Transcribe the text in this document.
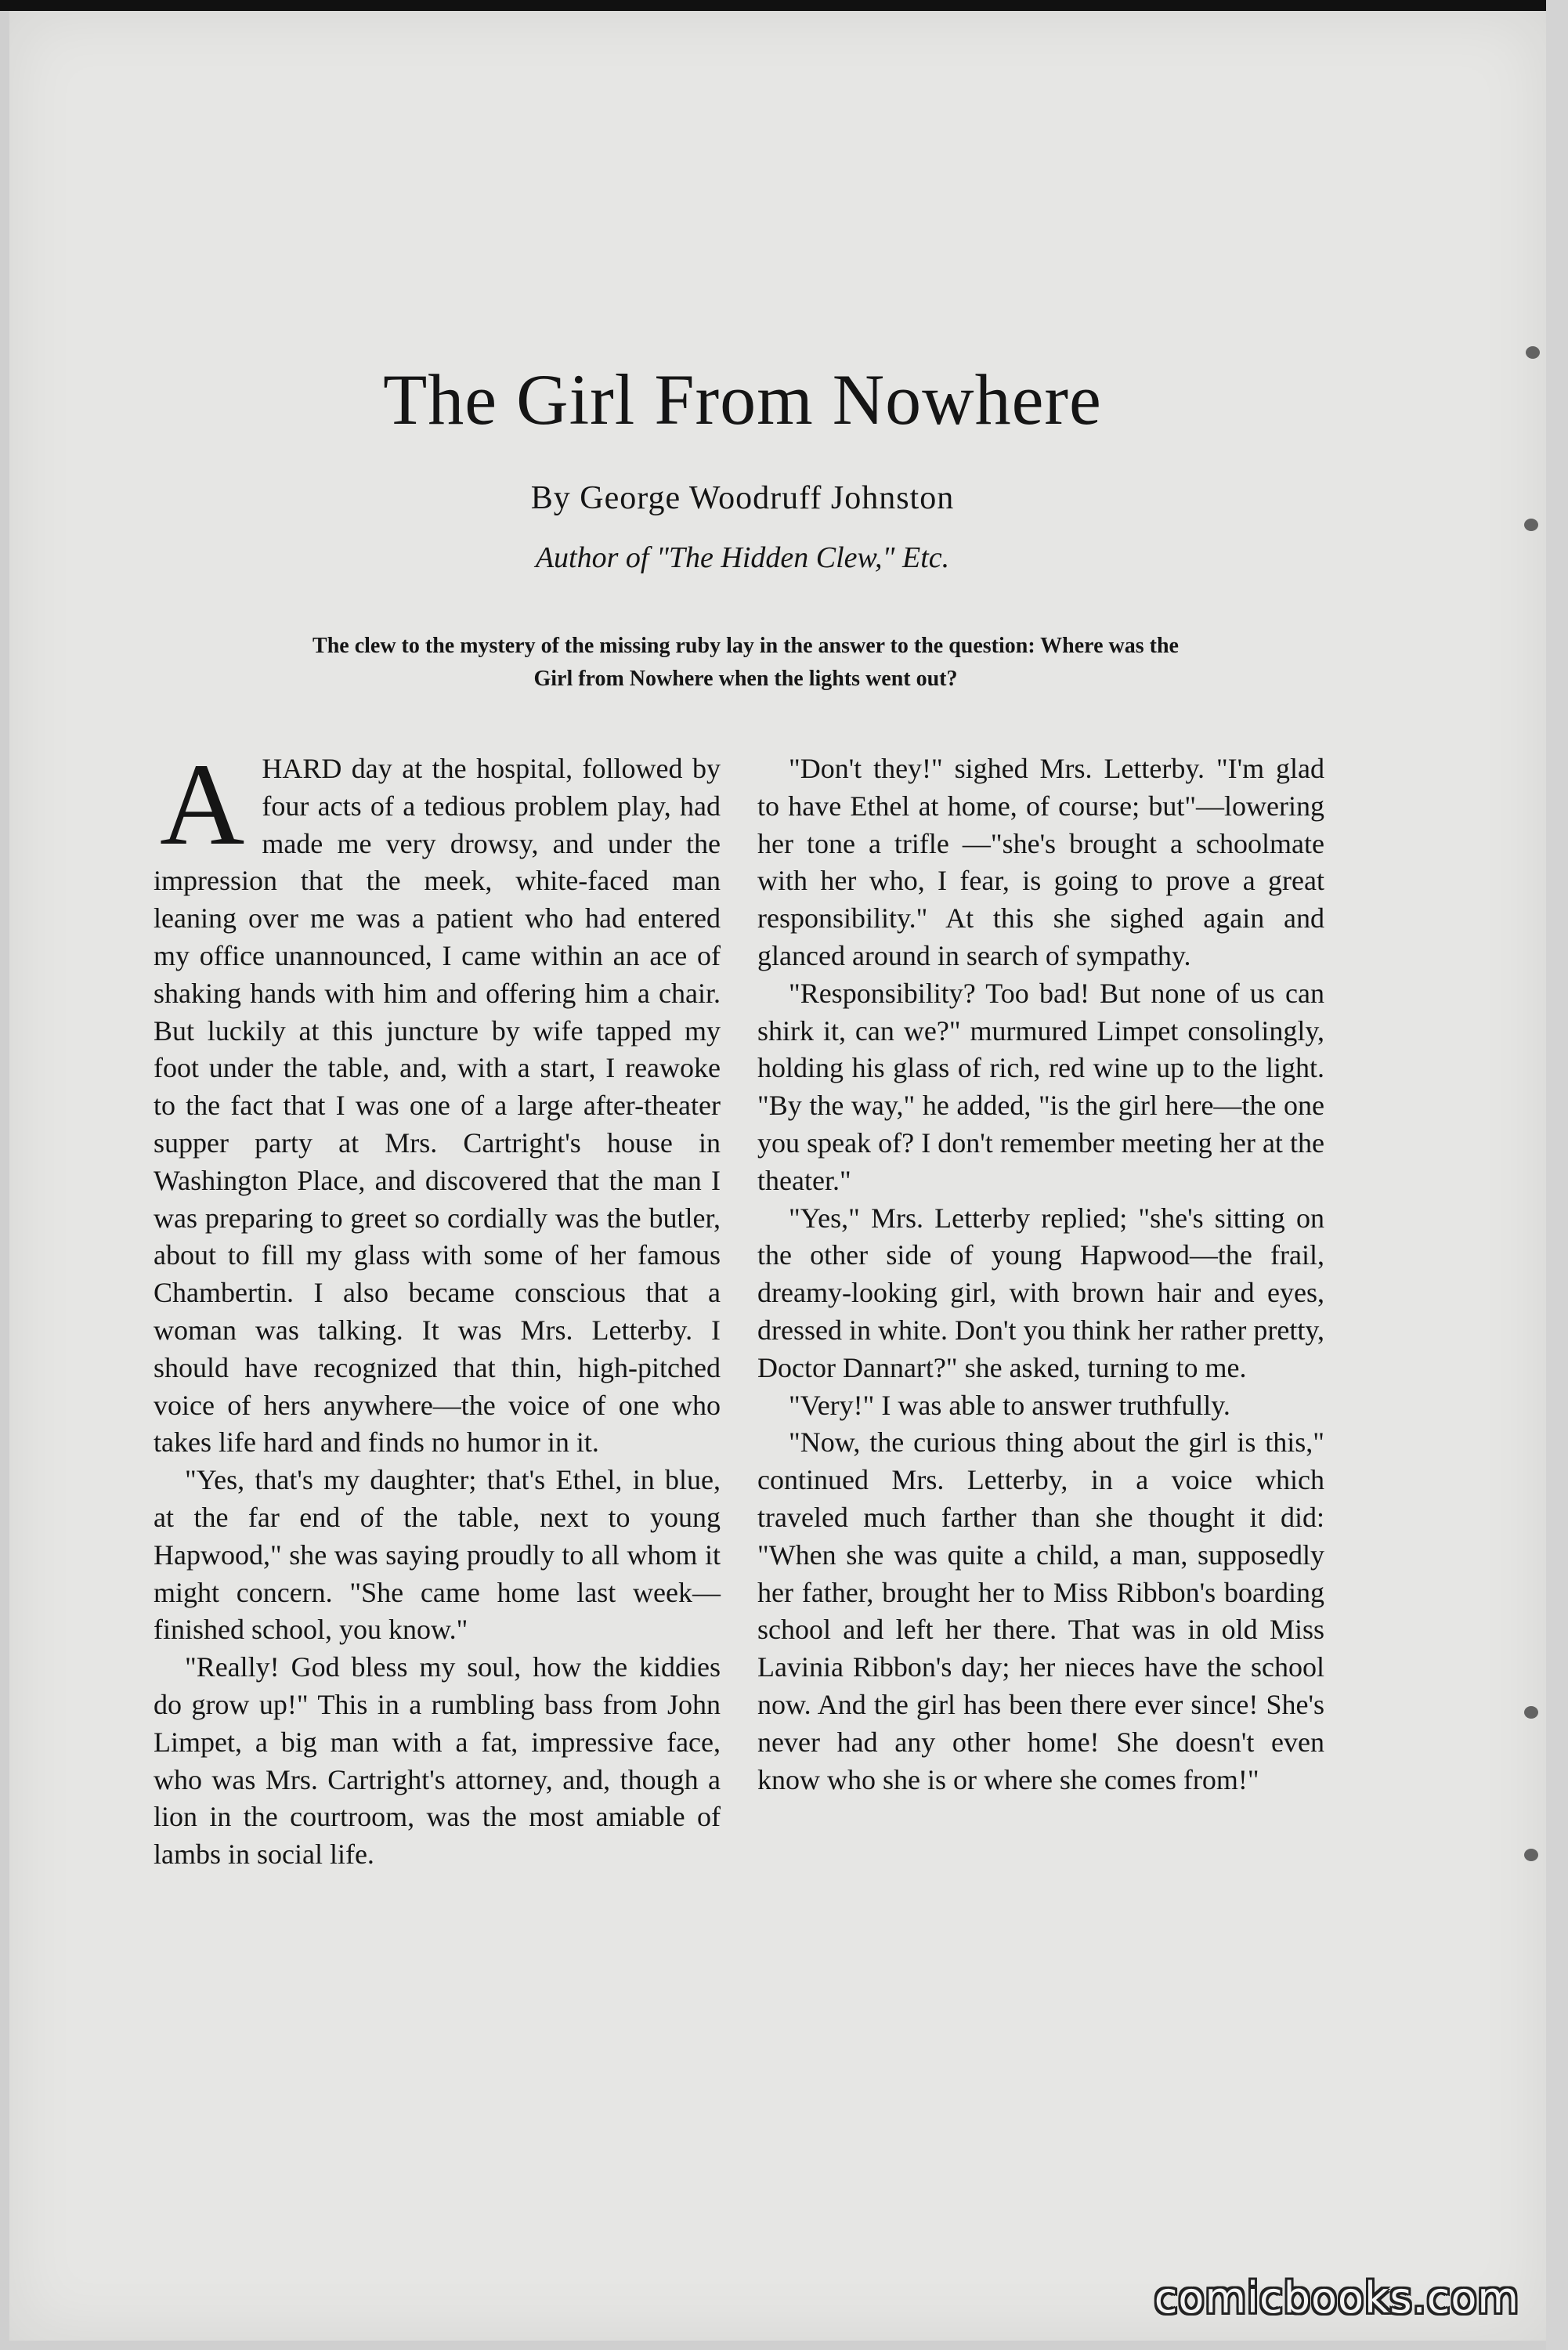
The Girl From Nowhere
By George Woodruff Johnston
Author of "The Hidden Clew," Etc.
The clew to the mystery of the missing ruby lay in the answer to the question: Where was the Girl from Nowhere when the lights went out?

AHARD day at the hospital, followed by four acts of a tedious problem play, had made me very drowsy, and under the impression that the meek, white-faced man leaning over me was a patient who had entered my office unannounced, I came within an ace of shaking hands with him and offering him a chair. But luckily at this juncture by wife tapped my foot under the table, and, with a start, I reawoke to the fact that I was one of a large after-theater supper party at Mrs. Cartright's house in Washington Place, and discovered that the man I was preparing to greet so cordially was the butler, about to fill my glass with some of her famous Chambertin. I also became conscious that a woman was talking. It was Mrs. Letterby. I should have recognized that thin, high-pitched voice of hers anywhere—the voice of one who takes life hard and finds no humor in it.

"Yes, that's my daughter; that's Ethel, in blue, at the far end of the table, next to young Hapwood," she was saying proudly to all whom it might concern. "She came home last week—finished school, you know."

"Really! God bless my soul, how the kiddies do grow up!" This in a rumbling bass from John Limpet, a big man with a fat, impressive face, who was Mrs. Cartright's attorney, and, though a lion in the courtroom, was the most amiable of lambs in social life.

"Don't they!" sighed Mrs. Letterby. "I'm glad to have Ethel at home, of course; but"—lowering her tone a trifle —"she's brought a schoolmate with her who, I fear, is going to prove a great responsibility." At this she sighed again and glanced around in search of sympathy.

"Responsibility? Too bad! But none of us can shirk it, can we?" murmured Limpet consolingly, holding his glass of rich, red wine up to the light. "By the way," he added, "is the girl here—the one you speak of? I don't remember meeting her at the theater."

"Yes," Mrs. Letterby replied; "she's sitting on the other side of young Hapwood—the frail, dreamy-looking girl, with brown hair and eyes, dressed in white. Don't you think her rather pretty, Doctor Dannart?" she asked, turning to me.

"Very!" I was able to answer truthfully.

"Now, the curious thing about the girl is this," continued Mrs. Letterby, in a voice which traveled much farther than she thought it did: "When she was quite a child, a man, supposedly her father, brought her to Miss Ribbon's boarding school and left her there. That was in old Miss Lavinia Ribbon's day; her nieces have the school now. And the girl has been there ever since! She's never had any other home! She doesn't even know who she is or where she comes from!"

comicbooks.com
